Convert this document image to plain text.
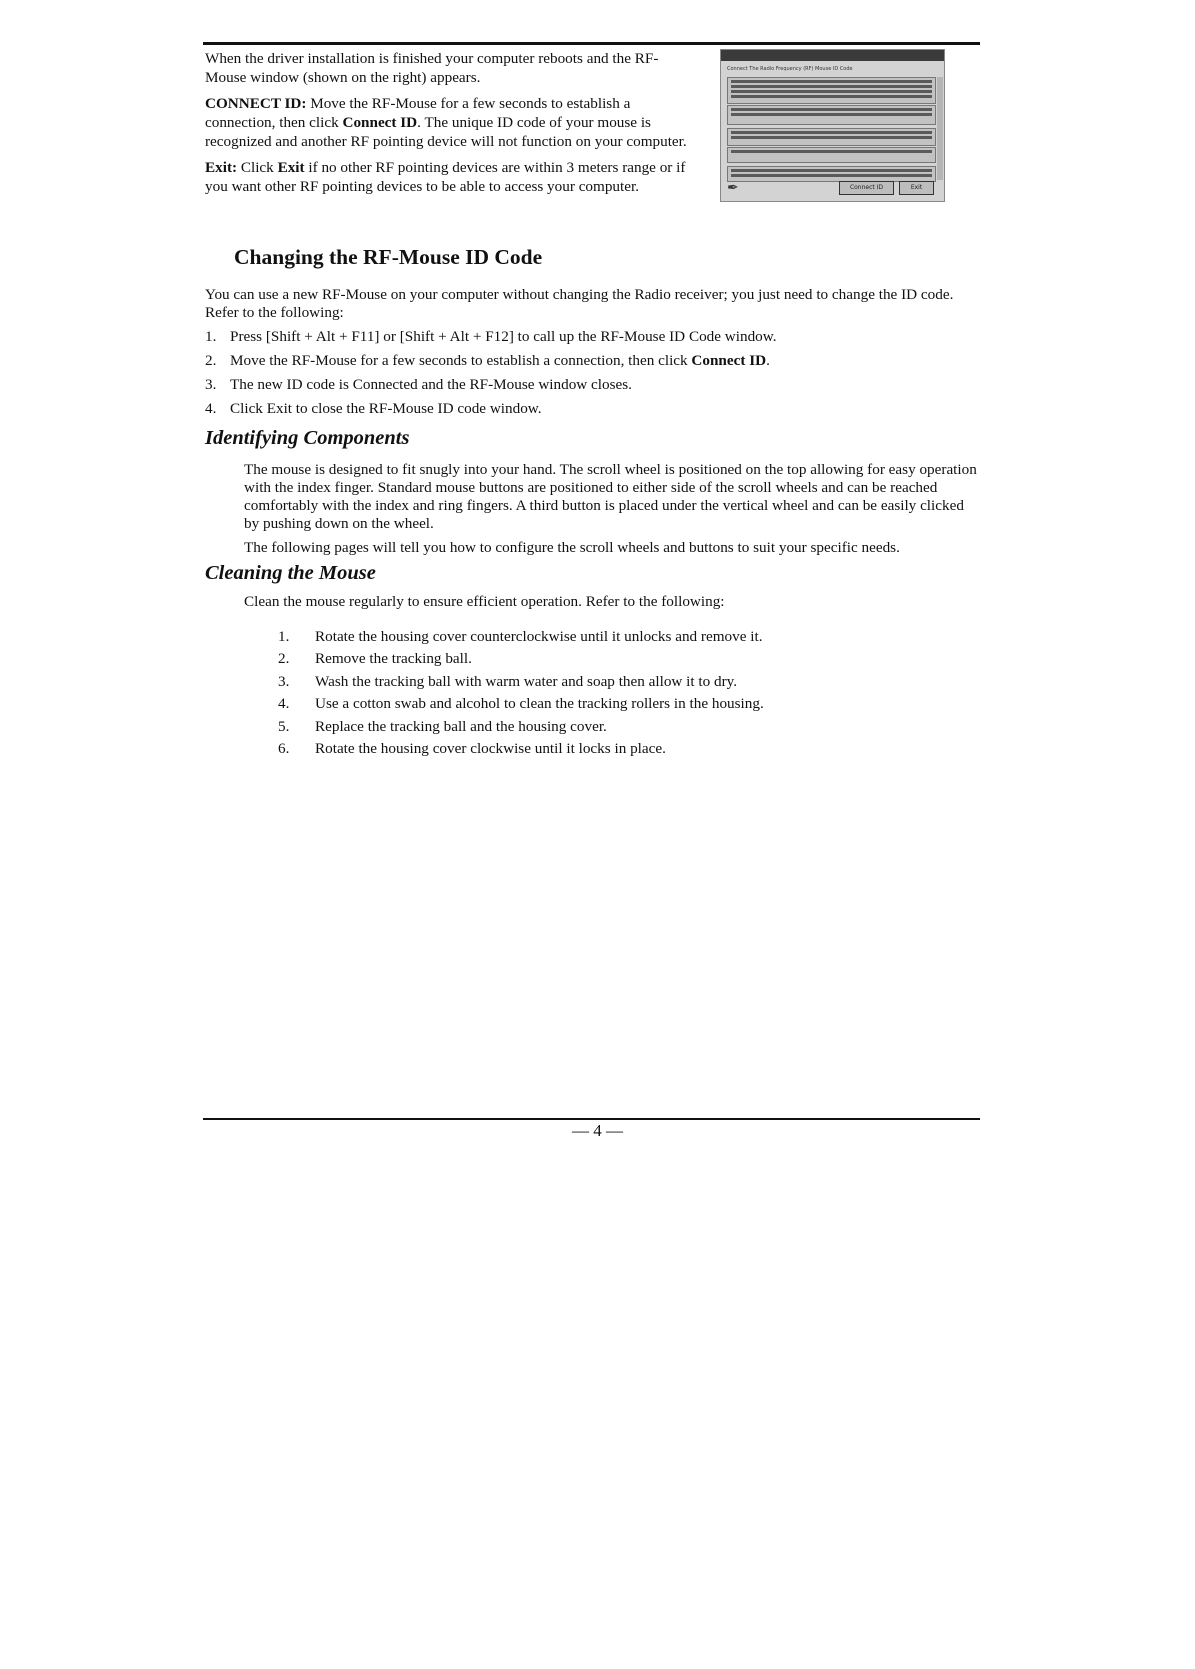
When the driver installation is finished your computer reboots and the RF-Mouse window (shown on the right) appears.

CONNECT ID: Move the RF-Mouse for a few seconds to establish a connection, then click Connect ID. The unique ID code of your mouse is recognized and another RF pointing device will not function on your computer.

Exit: Click Exit if no other RF pointing devices are within 3 meters range or if you want other RF pointing devices to be able to access your computer.

Connect The Radio Frequency (RF) Mouse ID Code
✒	Connect ID	Exit
Changing the RF-Mouse ID Code

You can use a new RF-Mouse on your computer without changing the Radio receiver; you just need to change the ID code. Refer to the following:

1. Press [Shift + Alt + F11] or [Shift + Alt + F12] to call up the RF-Mouse ID Code window.
2. Move the RF-Mouse for a few seconds to establish a connection, then click Connect ID.
3. The new ID code is Connected and the RF-Mouse window closes.
4. Click Exit to close the RF-Mouse ID code window.
Identifying Components

The mouse is designed to fit snugly into your hand. The scroll wheel is positioned on the top allowing for easy operation with the index finger. Standard mouse buttons are positioned to either side of the scroll wheels and can be reached comfortably with the index and ring fingers. A third button is placed under the vertical wheel and can be easily clicked by pushing down on the wheel.

The following pages will tell you how to configure the scroll wheels and buttons to suit your specific needs.

Cleaning the Mouse

Clean the mouse regularly to ensure efficient operation. Refer to the following:

1. Rotate the housing cover counterclockwise until it unlocks and remove it.
2. Remove the tracking ball.
3. Wash the tracking ball with warm water and soap then allow it to dry.
4. Use a cotton swab and alcohol to clean the tracking rollers in the housing.
5. Replace the tracking ball and the housing cover.
6. Rotate the housing cover clockwise until it locks in place.
— 4 —
